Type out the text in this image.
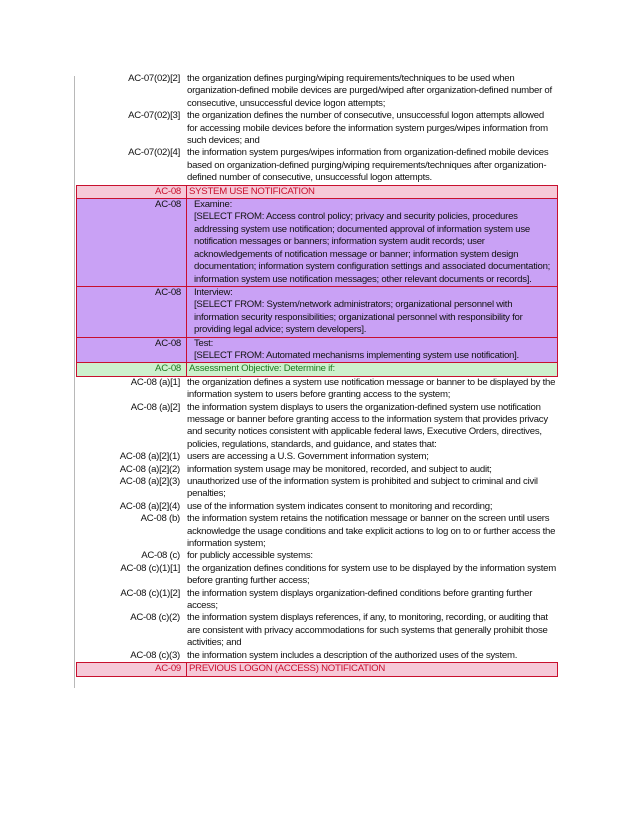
AC-07(02)[2] the organization defines purging/wiping requirements/techniques to be used when organization-defined mobile devices are purged/wiped after organization-defined number of consecutive, unsuccessful device logon attempts;
AC-07(02)[3] the organization defines the number of consecutive, unsuccessful logon attempts allowed for accessing mobile devices before the information system purges/wipes information from such devices; and
AC-07(02)[4] the information system purges/wipes information from organization-defined mobile devices based on organization-defined purging/wiping requirements/techniques after organization-defined number of consecutive, unsuccessful logon attempts.
AC-08 SYSTEM USE NOTIFICATION
AC-08	Examine:
[SELECT FROM: Access control policy; privacy and security policies, procedures addressing system use notification; documented approval of information system use notification messages or banners; information system audit records; user acknowledgements of notification message or banner; information system design documentation; information system configuration settings and associated documentation; information system use notification messages; other relevant documents or records].
AC-08	Interview:
[SELECT FROM: System/network administrators; organizational personnel with information security responsibilities; organizational personnel with responsibility for providing legal advice; system developers].
AC-08	Test:
[SELECT FROM: Automated mechanisms implementing system use notification].
AC-08 Assessment Objective: Determine if:
AC-08 (a)[1] the organization defines a system use notification message or banner to be displayed by the information system to users before granting access to the system;
AC-08 (a)[2] the information system displays to users the organization-defined system use notification message or banner before granting access to the information system that provides privacy and security notices consistent with applicable federal laws, Executive Orders, directives, policies, regulations, standards, and guidance, and states that:
AC-08 (a)[2](1) users are accessing a U.S. Government information system;
AC-08 (a)[2](2) information system usage may be monitored, recorded, and subject to audit;
AC-08 (a)[2](3) unauthorized use of the information system is prohibited and subject to criminal and civil penalties;
AC-08 (a)[2](4) use of the information system indicates consent to monitoring and recording;
AC-08 (b) the information system retains the notification message or banner on the screen until users acknowledge the usage conditions and take explicit actions to log on to or further access the information system;
AC-08 (c) for publicly accessible systems:
AC-08 (c)(1)[1] the organization defines conditions for system use to be displayed by the information system before granting further access;
AC-08 (c)(1)[2] the information system displays organization-defined conditions before granting further access;
AC-08 (c)(2) the information system displays references, if any, to monitoring, recording, or auditing that are consistent with privacy accommodations for such systems that generally prohibit those activities; and
AC-08 (c)(3) the information system includes a description of the authorized uses of the system.
AC-09 PREVIOUS LOGON (ACCESS) NOTIFICATION
